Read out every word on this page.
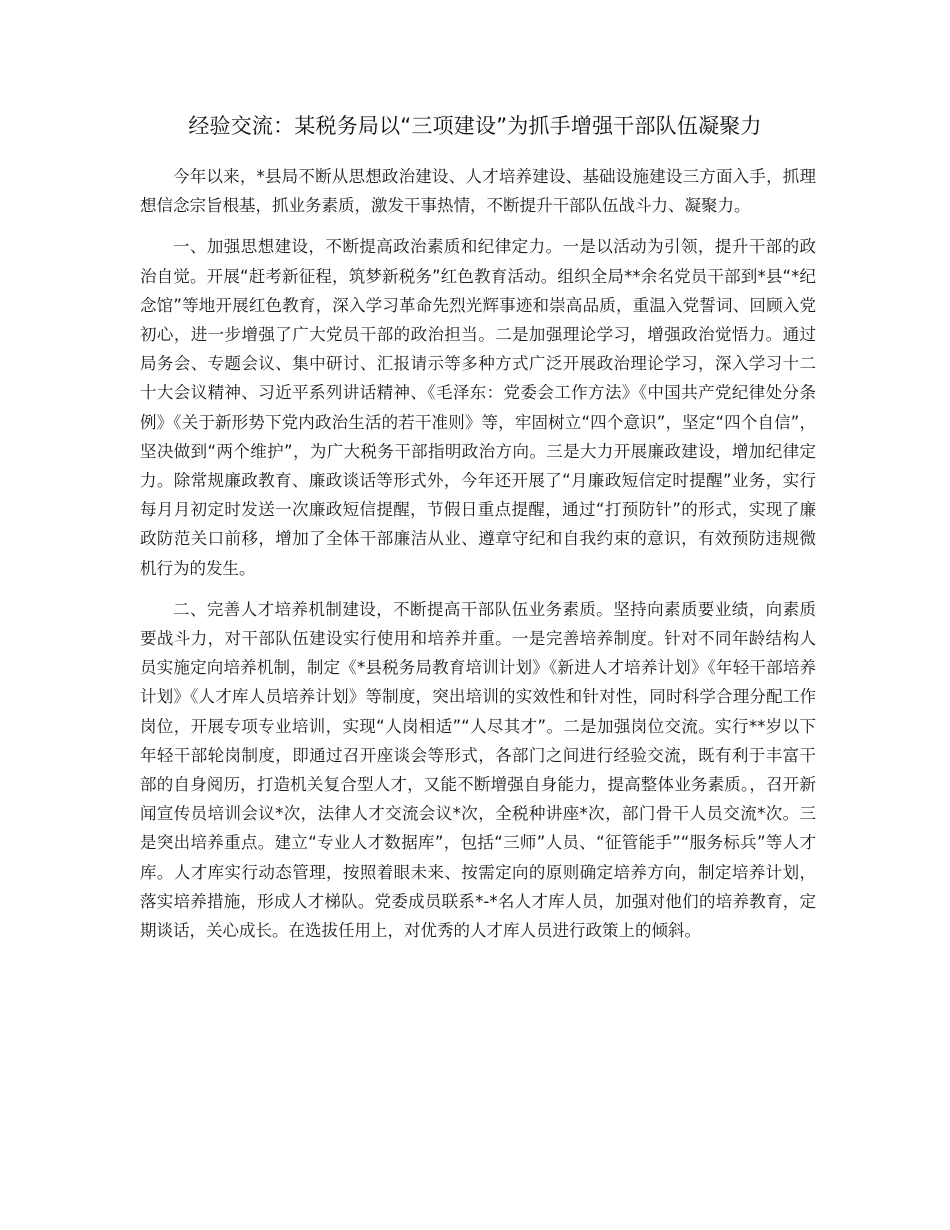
经验交流：某税务局以“三项建设”为抓手增强干部队伍凝聚力

今年以来，*县局不断从思想政治建设、人才培养建设、基础设施建设三方面入手，抓理想信念宗旨根基，抓业务素质，激发干事热情，不断提升干部队伍战斗力、凝聚力。

一、加强思想建设，不断提高政治素质和纪律定力。一是以活动为引领，提升干部的政治自觉。开展“赶考新征程，筑梦新税务”红色教育活动。组织全局**余名党员干部到*县“*纪念馆”等地开展红色教育，深入学习革命先烈光辉事迹和崇高品质，重温入党誓词、回顾入党初心，进一步增强了广大党员干部的政治担当。二是加强理论学习，增强政治觉悟力。通过局务会、专题会议、集中研讨、汇报请示等多种方式广泛开展政治理论学习，深入学习十二十大会议精神、习近平系列讲话精神、《毛泽东：党委会工作方法》《中国共产党纪律处分条例》《关于新形势下党内政治生活的若干准则》等，牢固树立“四个意识”，坚定“四个自信”，坚决做到“两个维护”，为广大税务干部指明政治方向。三是大力开展廉政建设，增加纪律定力。除常规廉政教育、廉政谈话等形式外，今年还开展了“月廉政短信定时提醒”业务，实行每月月初定时发送一次廉政短信提醒，节假日重点提醒，通过“打预防针”的形式，实现了廉政防范关口前移，增加了全体干部廉洁从业、遵章守纪和自我约束的意识，有效预防违规微机行为的发生。

二、完善人才培养机制建设，不断提高干部队伍业务素质。坚持向素质要业绩，向素质要战斗力，对干部队伍建设实行使用和培养并重。一是完善培养制度。针对不同年龄结构人员实施定向培养机制，制定《*县税务局教育培训计划》《新进人才培养计划》《年轻干部培养计划》《人才库人员培养计划》等制度，突出培训的实效性和针对性，同时科学合理分配工作岗位，开展专项专业培训，实现“人岗相适”“人尽其才”。二是加强岗位交流。实行**岁以下年轻干部轮岗制度，即通过召开座谈会等形式，各部门之间进行经验交流，既有利于丰富干部的自身阅历，打造机关复合型人才，又能不断增强自身能力，提高整体业务素质。，召开新闻宣传员培训会议*次，法律人才交流会议*次，全税种讲座*次，部门骨干人员交流*次。三是突出培养重点。建立“专业人才数据库”，包括“三师”人员、“征管能手”“服务标兵”等人才库。人才库实行动态管理，按照着眼未来、按需定向的原则确定培养方向，制定培养计划，落实培养措施，形成人才梯队。党委成员联系*-*名人才库人员，加强对他们的培养教育，定期谈话，关心成长。在选拔任用上，对优秀的人才库人员进行政策上的倾斜。
